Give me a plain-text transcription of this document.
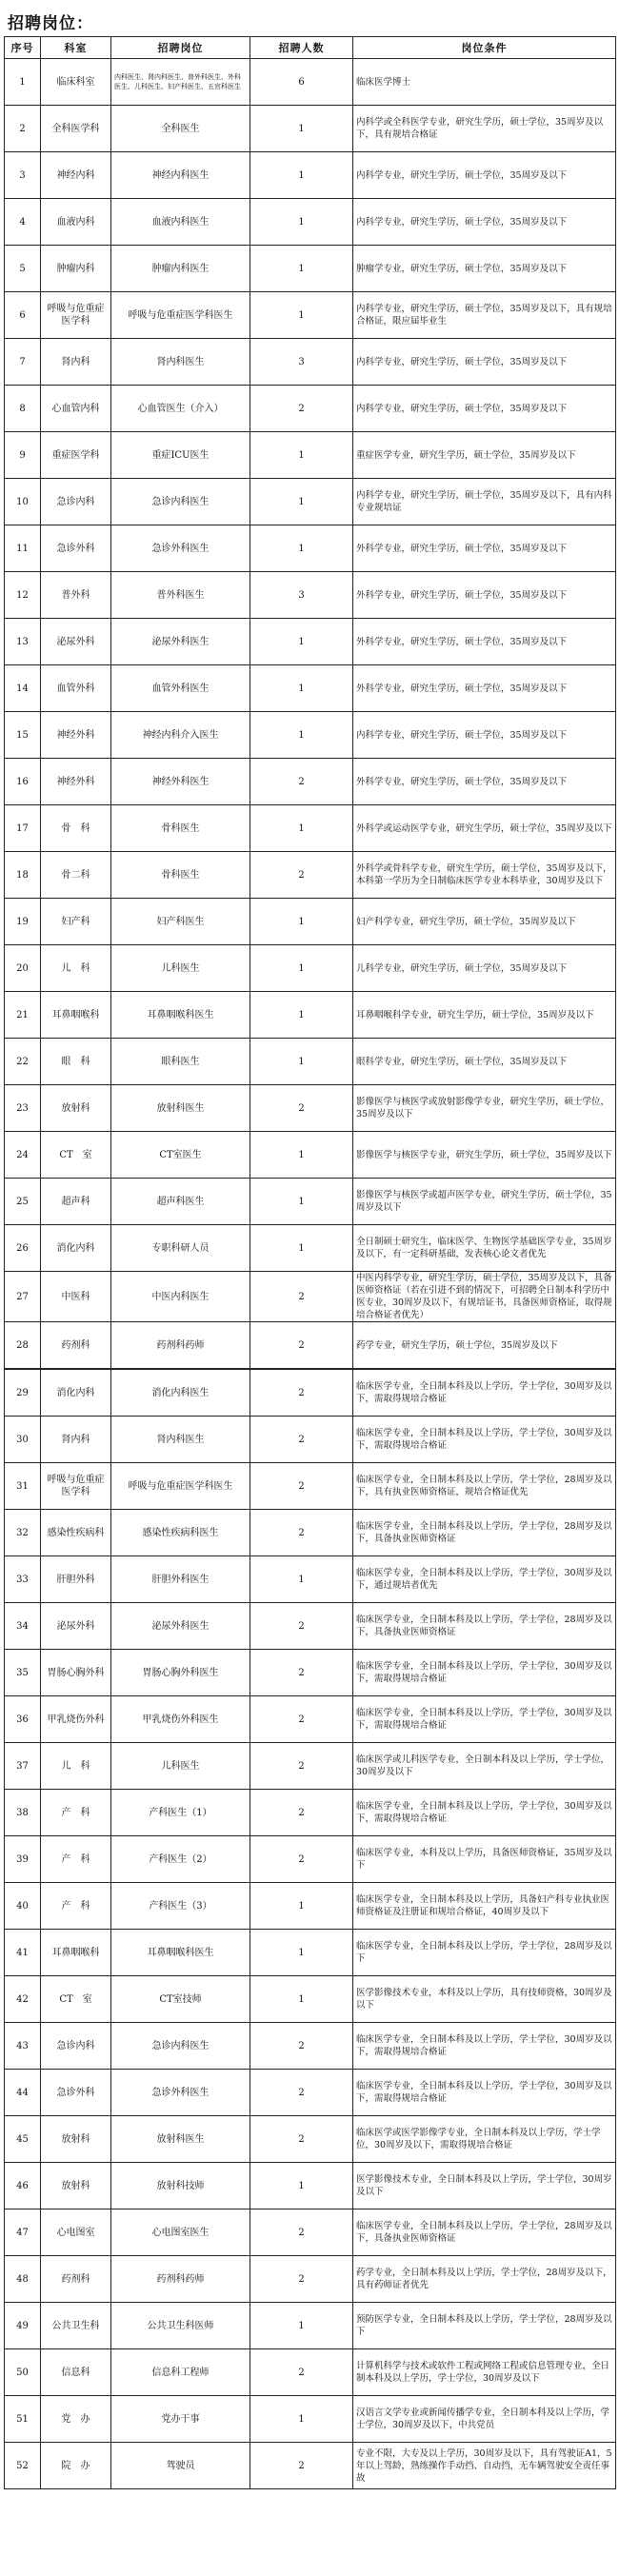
招聘岗位：
序号	科室	招聘岗位	招聘人数	岗位条件
1	临床科室	内科医生、肾内科医生、普外科医生、外科医生、儿科医生、妇产科医生、五官科医生	6	临床医学博士
2	全科医学科	全科医生	1	内科学或全科医学专业，研究生学历，硕士学位，35周岁及以下，具有规培合格证
3	神经内科	神经内科医生	1	内科学专业，研究生学历，硕士学位，35周岁及以下
4	血液内科	血液内科医生	1	内科学专业，研究生学历，硕士学位，35周岁及以下
5	肿瘤内科	肿瘤内科医生	1	肿瘤学专业，研究生学历，硕士学位，35周岁及以下
6	呼吸与危重症医学科	呼吸与危重症医学科医生	1	内科学专业，研究生学历，硕士学位，35周岁及以下，具有规培合格证，限应届毕业生
7	肾内科	肾内科医生	3	内科学专业，研究生学历，硕士学位，35周岁及以下
8	心血管内科	心血管医生（介入）	2	内科学专业，研究生学历，硕士学位，35周岁及以下
9	重症医学科	重症ICU医生	1	重症医学专业，研究生学历，硕士学位，35周岁及以下
10	急诊内科	急诊内科医生	1	内科学专业，研究生学历，硕士学位，35周岁及以下，具有内科专业规培证
11	急诊外科	急诊外科医生	1	外科学专业，研究生学历，硕士学位，35周岁及以下
12	普外科	普外科医生	3	外科学专业，研究生学历，硕士学位，35周岁及以下
13	泌尿外科	泌尿外科医生	1	外科学专业，研究生学历，硕士学位，35周岁及以下
14	血管外科	血管外科医生	1	外科学专业，研究生学历，硕士学位，35周岁及以下
15	神经外科	神经内科介入医生	1	内科学专业，研究生学历，硕士学位，35周岁及以下
16	神经外科	神经外科医生	2	外科学专业，研究生学历，硕士学位，35周岁及以下
17	骨　科	骨科医生	1	外科学或运动医学专业，研究生学历，硕士学位，35周岁及以下
18	骨二科	骨科医生	2	外科学或骨科学专业，研究生学历，硕士学位，35周岁及以下，本科第一学历为全日制临床医学专业本科毕业，30周岁及以下
19	妇产科	妇产科医生	1	妇产科学专业，研究生学历，硕士学位，35周岁及以下
20	儿　科	儿科医生	1	儿科学专业，研究生学历，硕士学位，35周岁及以下
21	耳鼻咽喉科	耳鼻咽喉科医生	1	耳鼻咽喉科学专业，研究生学历，硕士学位，35周岁及以下
22	眼　科	眼科医生	1	眼科学专业，研究生学历，硕士学位，35周岁及以下
23	放射科	放射科医生	2	影像医学与核医学或放射影像学专业，研究生学历，硕士学位，35周岁及以下
24	CT　室	CT室医生	1	影像医学与核医学专业，研究生学历，硕士学位，35周岁及以下
25	超声科	超声科医生	1	影像医学与核医学或超声医学专业，研究生学历，硕士学位，35周岁及以下
26	消化内科	专职科研人员	1	全日制硕士研究生，临床医学、生物医学基础医学专业，35周岁及以下，有一定科研基础，发表核心论文者优先
27	中医科	中医内科医生	2	中医内科学专业，研究生学历，硕士学位，35周岁及以下，具备医师资格证（若在引进不到的情况下，可招聘全日制本科学历中医专业，30周岁及以下，有规培证书，具备医师资格证，取得规培合格证者优先）
28	药剂科	药剂科药师	2	药学专业，研究生学历，硕士学位，35周岁及以下
29	消化内科	消化内科医生	2	临床医学专业，全日制本科及以上学历，学士学位，30周岁及以下，需取得规培合格证
30	肾内科	肾内科医生	2	临床医学专业，全日制本科及以上学历，学士学位，30周岁及以下，需取得规培合格证
31	呼吸与危重症医学科	呼吸与危重症医学科医生	2	临床医学专业，全日制本科及以上学历，学士学位，28周岁及以下，具有执业医师资格证，规培合格证优先
32	感染性疾病科	感染性疾病科医生	2	临床医学专业，全日制本科及以上学历，学士学位，28周岁及以下，具备执业医师资格证
33	肝胆外科	肝胆外科医生	1	临床医学专业，全日制本科及以上学历，学士学位，30周岁及以下，通过规培者优先
34	泌尿外科	泌尿外科医生	2	临床医学专业，全日制本科及以上学历，学士学位，28周岁及以下，具备执业医师资格证
35	胃肠心胸外科	胃肠心胸外科医生	2	临床医学专业，全日制本科及以上学历，学士学位，30周岁及以下，需取得规培合格证
36	甲乳烧伤外科	甲乳烧伤外科医生	2	临床医学专业，全日制本科及以上学历，学士学位，30周岁及以下，需取得规培合格证
37	儿　科	儿科医生	2	临床医学或儿科医学专业，全日制本科及以上学历，学士学位，30周岁及以下
38	产　科	产科医生（1）	2	临床医学专业，全日制本科及以上学历，学士学位，30周岁及以下，需取得规培合格证
39	产　科	产科医生（2）	2	临床医学专业，本科及以上学历，具备医师资格证，35周岁及以下
40	产　科	产科医生（3）	1	临床医学专业，全日制本科及以上学历，具备妇产科专业执业医师资格证及注册证和规培合格证，40周岁及以下
41	耳鼻咽喉科	耳鼻咽喉科医生	1	临床医学专业，全日制本科及以上学历，学士学位，28周岁及以下
42	CT　室	CT室技师	1	医学影像技术专业，本科及以上学历，具有技师资格，30周岁及以下
43	急诊内科	急诊内科医生	2	临床医学专业，全日制本科及以上学历，学士学位，30周岁及以下，需取得规培合格证
44	急诊外科	急诊外科医生	2	临床医学专业，全日制本科及以上学历，学士学位，30周岁及以下，需取得规培合格证
45	放射科	放射科医生	2	临床医学或医学影像学专业，全日制本科及以上学历，学士学位，30周岁及以下，需取得规培合格证
46	放射科	放射科技师	1	医学影像技术专业，全日制本科及以上学历，学士学位，30周岁及以下
47	心电图室	心电图室医生	2	临床医学专业，全日制本科及以上学历，学士学位，28周岁及以下，具备执业医师资格证
48	药剂科	药剂科药师	2	药学专业，全日制本科及以上学历，学士学位，28周岁及以下，具有药师证者优先
49	公共卫生科	公共卫生科医师	1	预防医学专业，全日制本科及以上学历，学士学位，28周岁及以下
50	信息科	信息科工程师	2	计算机科学与技术或软件工程或网络工程或信息管理专业，全日制本科及以上学历，学士学位，30周岁及以下
51	党　办	党办干事	1	汉语言文学专业或新闻传播学专业，全日制本科及以上学历，学士学位，30周岁及以下，中共党员
52	院　办	驾驶员	2	专业不限，大专及以上学历，30周岁及以下，具有驾驶证A1，5年以上驾龄，熟练操作手动挡、自动挡，无车辆驾驶安全责任事故
